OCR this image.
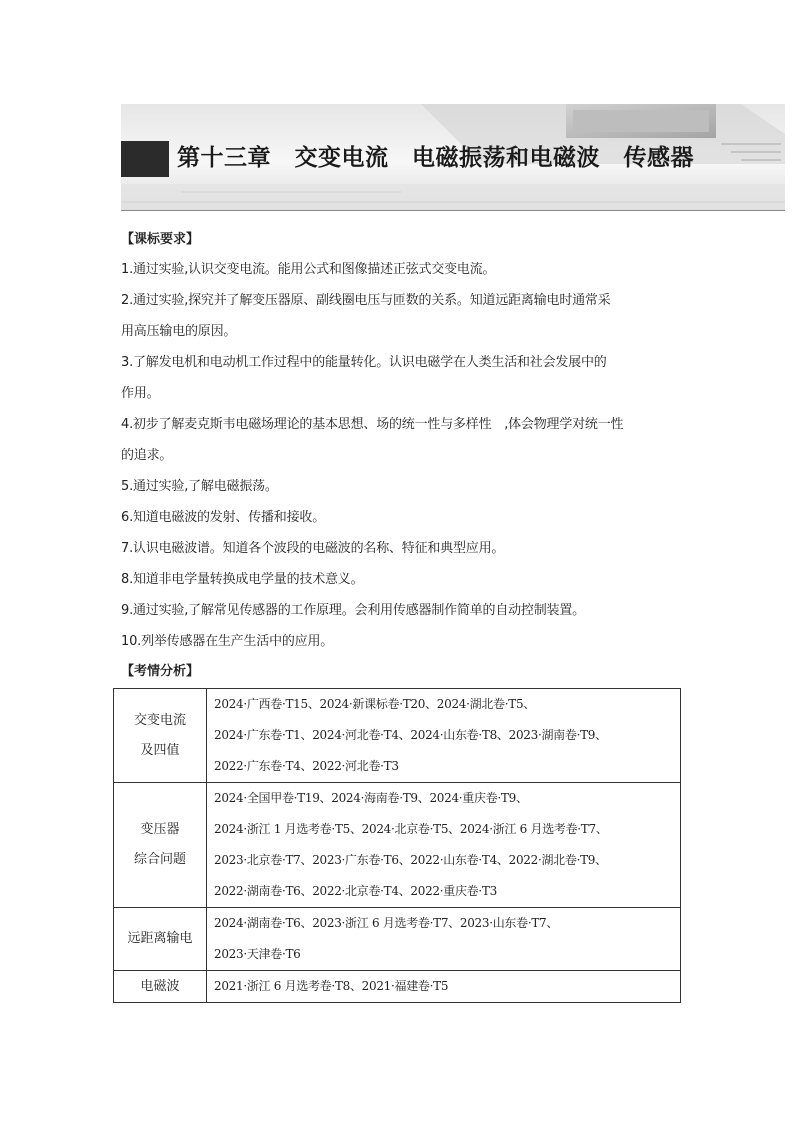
第十三章　交变电流　电磁振荡和电磁波　传感器
【课标要求】
1.通过实验,认识交变电流。能用公式和图像描述正弦式交变电流。
2.通过实验,探究并了解变压器原、副线圈电压与匝数的关系。知道远距离输电时通常采
用高压输电的原因。
3.了解发电机和电动机工作过程中的能量转化。认识电磁学在人类生活和社会发展中的
作用。
4.初步了解麦克斯韦电磁场理论的基本思想、场的统一性与多样性　,体会物理学对统一性
的追求。
5.通过实验,了解电磁振荡。
6.知道电磁波的发射、传播和接收。
7.认识电磁波谱。知道各个波段的电磁波的名称、特征和典型应用。
8.知道非电学量转换成电学量的技术意义。
9.通过实验,了解常见传感器的工作原理。会利用传感器制作简单的自动控制装置。
10.列举传感器在生产生活中的应用。
【考情分析】
交变电流
及四值	2024·广西卷·T15、2024·新课标卷·T20、2024·湖北卷·T5、
2024·广东卷·T1、2024·河北卷·T4、2024·山东卷·T8、2023·湖南卷·T9、
2022·广东卷·T4、2022·河北卷·T3

变压器
综合问题	2024·全国甲卷·T19、2024·海南卷·T9、2024·重庆卷·T9、
2024·浙江 1 月选考卷·T5、2024·北京卷·T5、2024·浙江 6 月选考卷·T7、
2023·北京卷·T7、2023·广东卷·T6、2022·山东卷·T4、2022·湖北卷·T9、
2022·湖南卷·T6、2022·北京卷·T4、2022·重庆卷·T3

远距离输电	2024·湖南卷·T6、2023·浙江 6 月选考卷·T7、2023·山东卷·T7、
2023·天津卷·T6

电磁波	2021·浙江 6 月选考卷·T8、2021·福建卷·T5
